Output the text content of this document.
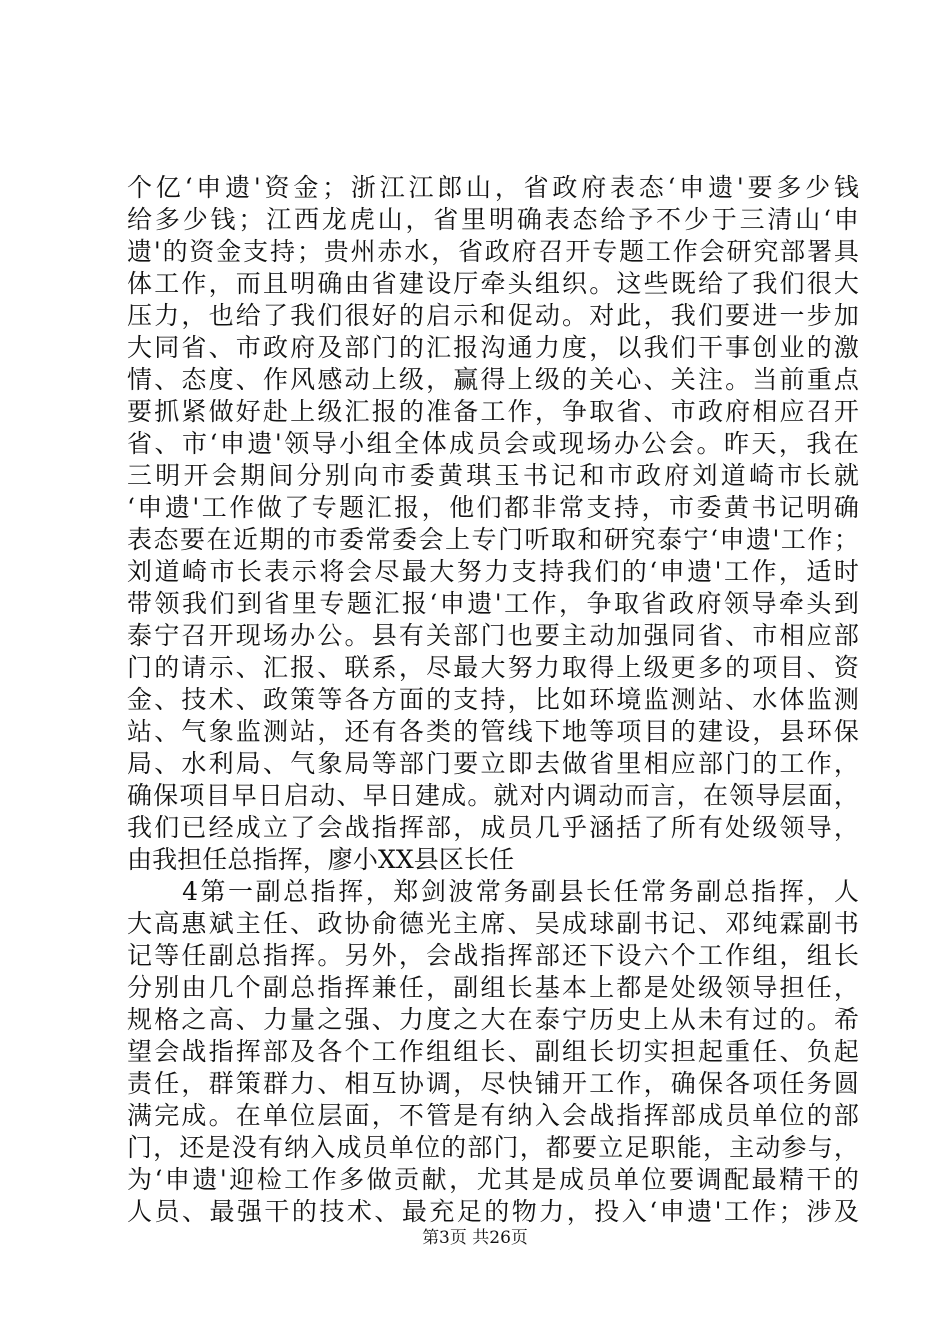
个亿‘申遗'资金；浙江江郎山，省政府表态‘申遗'要多少钱
给多少钱；江西龙虎山，省里明确表态给予不少于三清山‘申
遗'的资金支持；贵州赤水，省政府召开专题工作会研究部署具
体工作，而且明确由省建设厅牵头组织。这些既给了我们很大
压力，也给了我们很好的启示和促动。对此，我们要进一步加
大同省、市政府及部门的汇报沟通力度，以我们干事创业的激
情、态度、作风感动上级，赢得上级的关心、关注。当前重点
要抓紧做好赴上级汇报的准备工作，争取省、市政府相应召开
省、市‘申遗'领导小组全体成员会或现场办公会。昨天，我在
三明开会期间分别向市委黄琪玉书记和市政府刘道崎市长就
‘申遗'工作做了专题汇报，他们都非常支持，市委黄书记明确
表态要在近期的市委常委会上专门听取和研究泰宁‘申遗'工作；
刘道崎市长表示将会尽最大努力支持我们的‘申遗'工作，适时
带领我们到省里专题汇报‘申遗'工作，争取省政府领导牵头到
泰宁召开现场办公。县有关部门也要主动加强同省、市相应部
门的请示、汇报、联系，尽最大努力取得上级更多的项目、资
金、技术、政策等各方面的支持，比如环境监测站、水体监测
站、气象监测站，还有各类的管线下地等项目的建设，县环保
局、水利局、气象局等部门要立即去做省里相应部门的工作，
确保项目早日启动、早日建成。就对内调动而言，在领导层面，
我们已经成立了会战指挥部，成员几乎涵括了所有处级领导，
由我担任总指挥，廖小XX县区长任
　　4第一副总指挥，郑剑波常务副县长任常务副总指挥，人
大高惠斌主任、政协俞德光主席、吴成球副书记、邓纯霖副书
记等任副总指挥。另外，会战指挥部还下设六个工作组，组长
分别由几个副总指挥兼任，副组长基本上都是处级领导担任，
规格之高、力量之强、力度之大在泰宁历史上从未有过的。希
望会战指挥部及各个工作组组长、副组长切实担起重任、负起
责任，群策群力、相互协调，尽快铺开工作，确保各项任务圆
满完成。在单位层面，不管是有纳入会战指挥部成员单位的部
门，还是没有纳入成员单位的部门，都要立足职能，主动参与，
为‘申遗'迎检工作多做贡献，尤其是成员单位要调配最精干的
人员、最强干的技术、最充足的物力，投入‘申遗'工作；涉及
第3页 共26页
